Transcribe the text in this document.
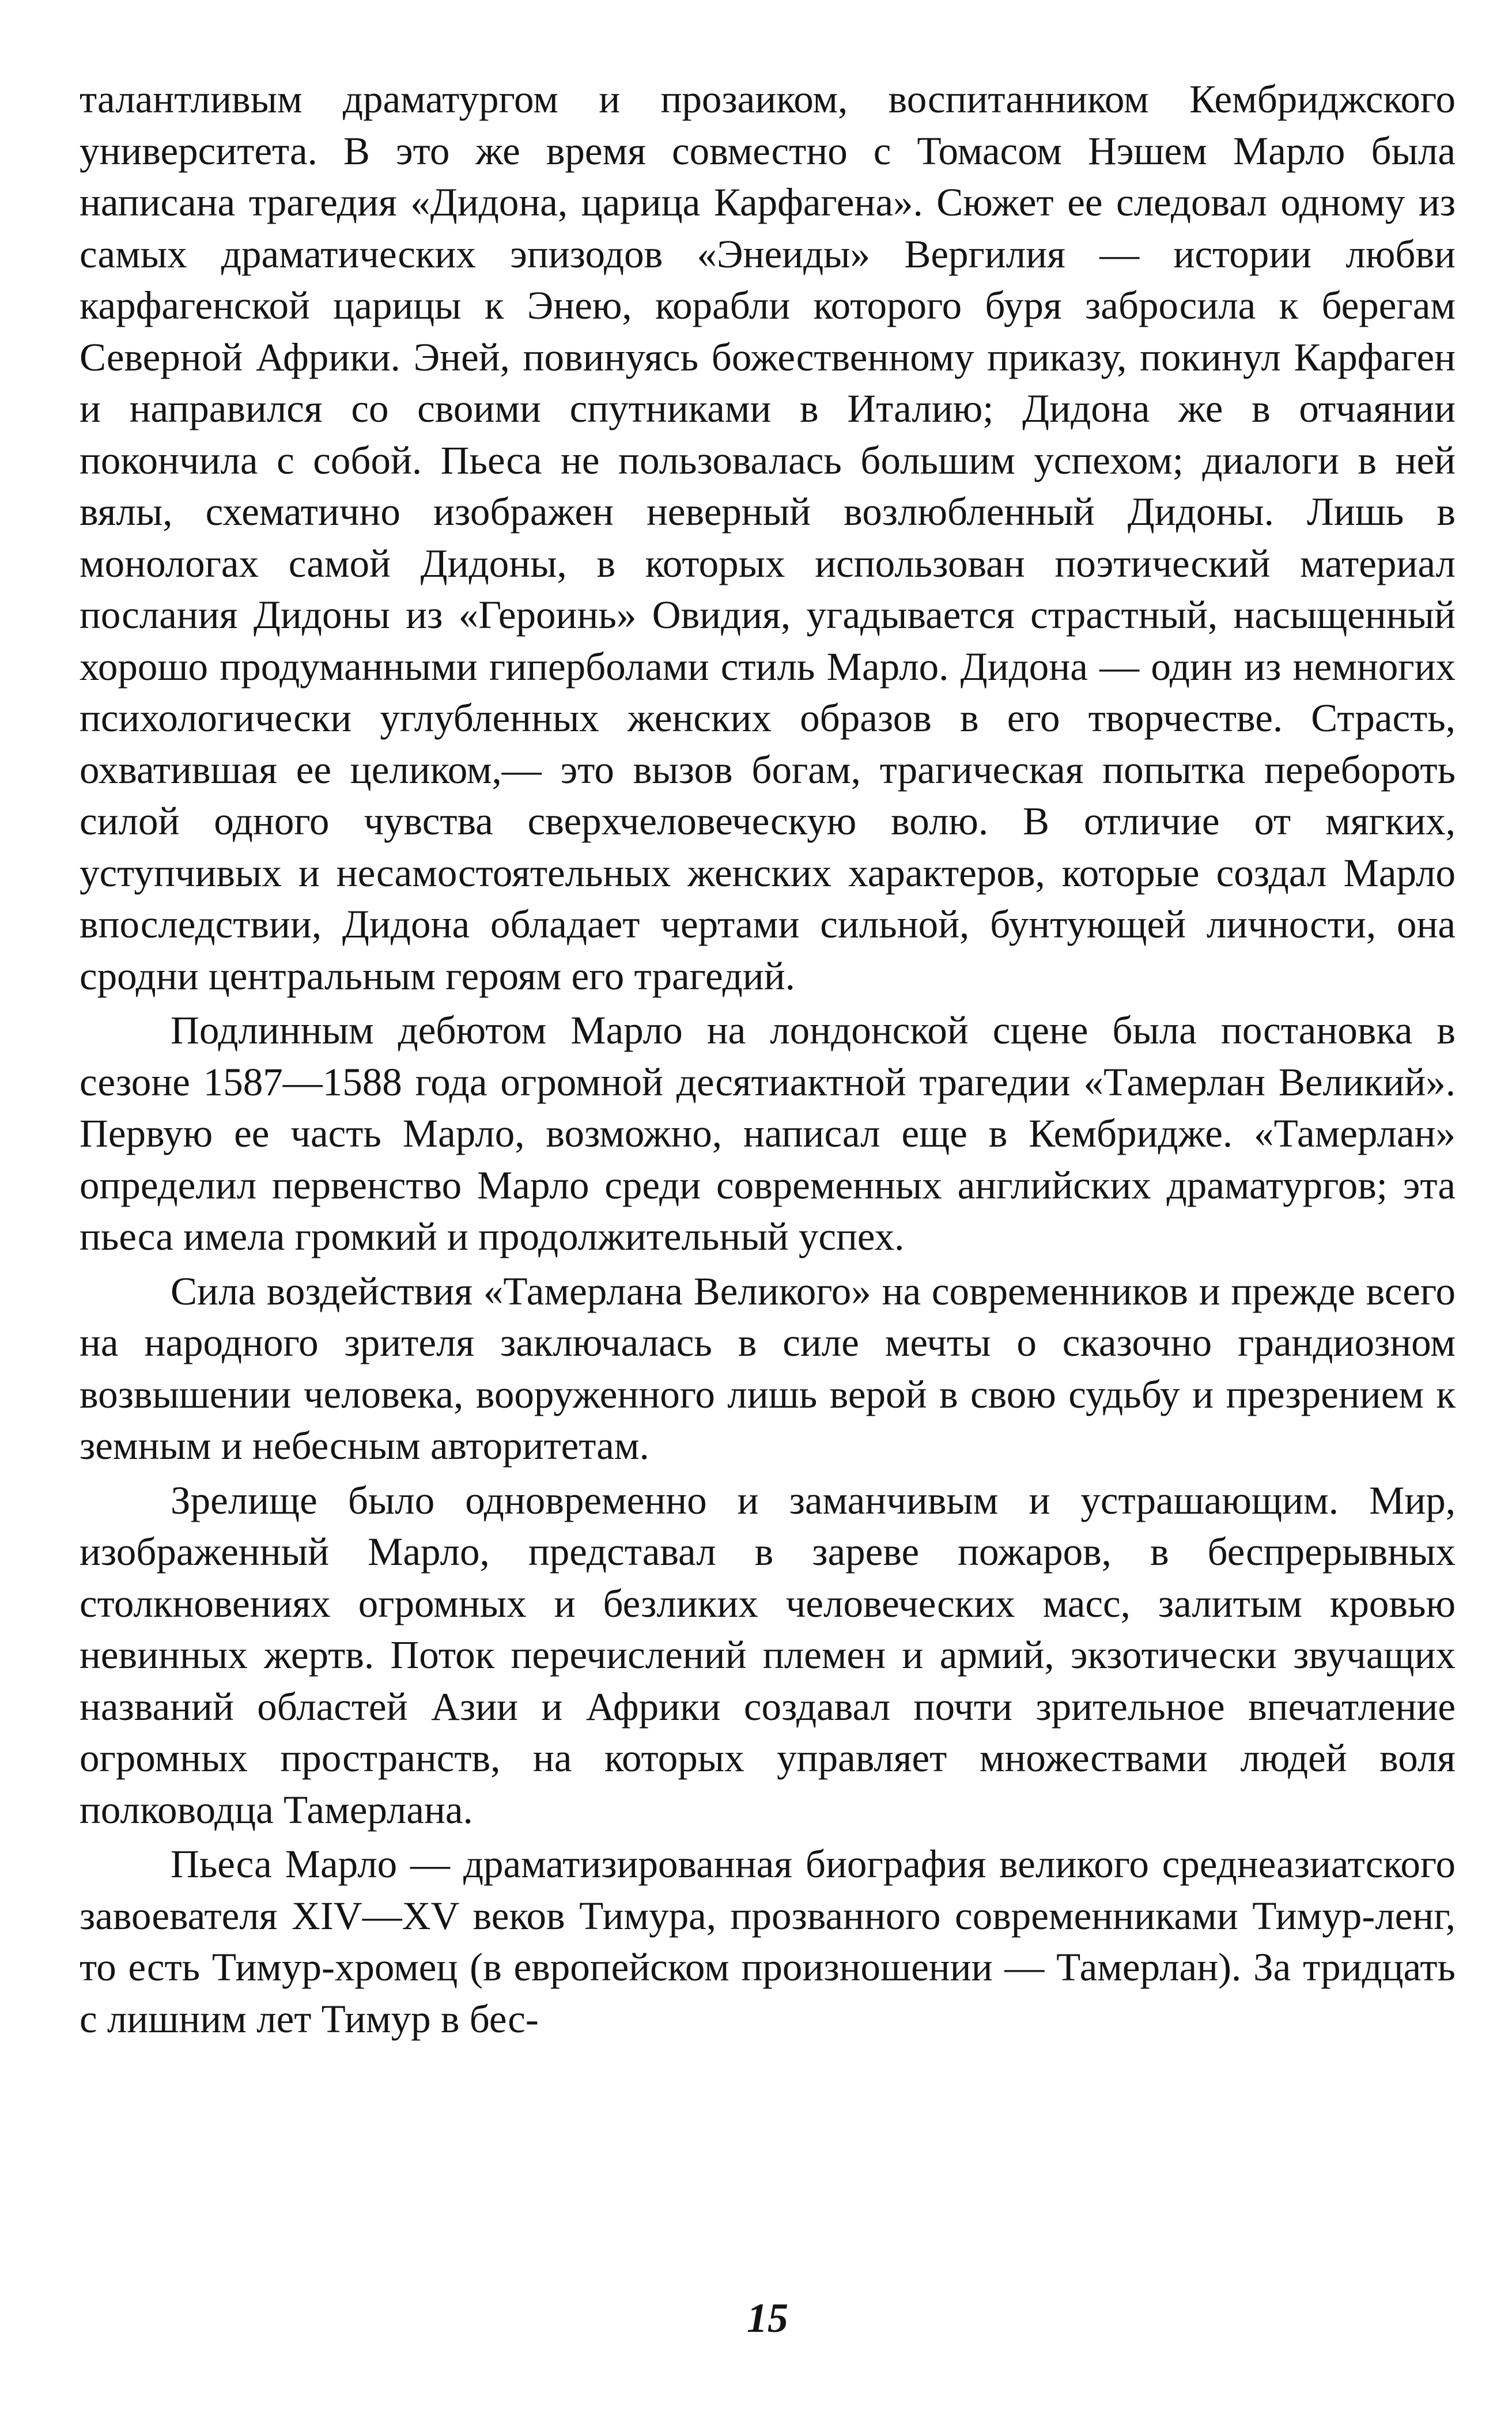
талантливым драматургом и прозаиком, воспитанником Кембриджского университета. В это же время совместно с Томасом Нэшем Марло была написана трагедия «Дидона, царица Карфагена». Сюжет ее следовал одному из самых драматических эпизодов «Энеиды» Вергилия — истории любви карфагенской царицы к Энею, корабли которого буря забросила к берегам Северной Африки. Эней, повинуясь божественному приказу, покинул Карфаген и направился со своими спутниками в Италию; Дидона же в отчаянии покончила с собой. Пьеса не пользовалась большим успехом; диалоги в ней вялы, схематично изображен неверный возлюбленный Дидоны. Лишь в монологах самой Дидоны, в которых использован поэтический материал послания Дидоны из «Героинь» Овидия, угадывается страстный, насыщенный хорошо продуманными гиперболами стиль Марло. Дидона — один из немногих психологически углубленных женских образов в его творчестве. Страсть, охватившая ее целиком,— это вызов богам, трагическая попытка перебороть силой одного чувства сверхчеловеческую волю. В отличие от мягких, уступчивых и несамостоятельных женских характеров, которые создал Марло впоследствии, Дидона обладает чертами сильной, бунтующей личности, она сродни центральным героям его трагедий.

Подлинным дебютом Марло на лондонской сцене была постановка в сезоне 1587—1588 года огромной десятиактной трагедии «Тамерлан Великий». Первую ее часть Марло, возможно, написал еще в Кембридже. «Тамерлан» определил первенство Марло среди современных английских драматургов; эта пьеса имела громкий и продолжительный успех.

Сила воздействия «Тамерлана Великого» на современников и прежде всего на народного зрителя заключалась в силе мечты о сказочно грандиозном возвышении человека, вооруженного лишь верой в свою судьбу и презрением к земным и небесным авторитетам.

Зрелище было одновременно и заманчивым и устрашающим. Мир, изображенный Марло, представал в зареве пожаров, в беспрерывных столкновениях огромных и безликих человеческих масс, залитым кровью невинных жертв. Поток перечислений племен и армий, экзотически звучащих названий областей Азии и Африки создавал почти зрительное впечатление огромных пространств, на которых управляет множествами людей воля полководца Тамерлана.

Пьеса Марло — драматизированная биография великого среднеазиатского завоевателя XIV—XV веков Тимура, прозванного современниками Тимур-ленг, то есть Тимур-хромец (в европейском произношении — Тамерлан). За тридцать с лишним лет Тимур в бес-

15
